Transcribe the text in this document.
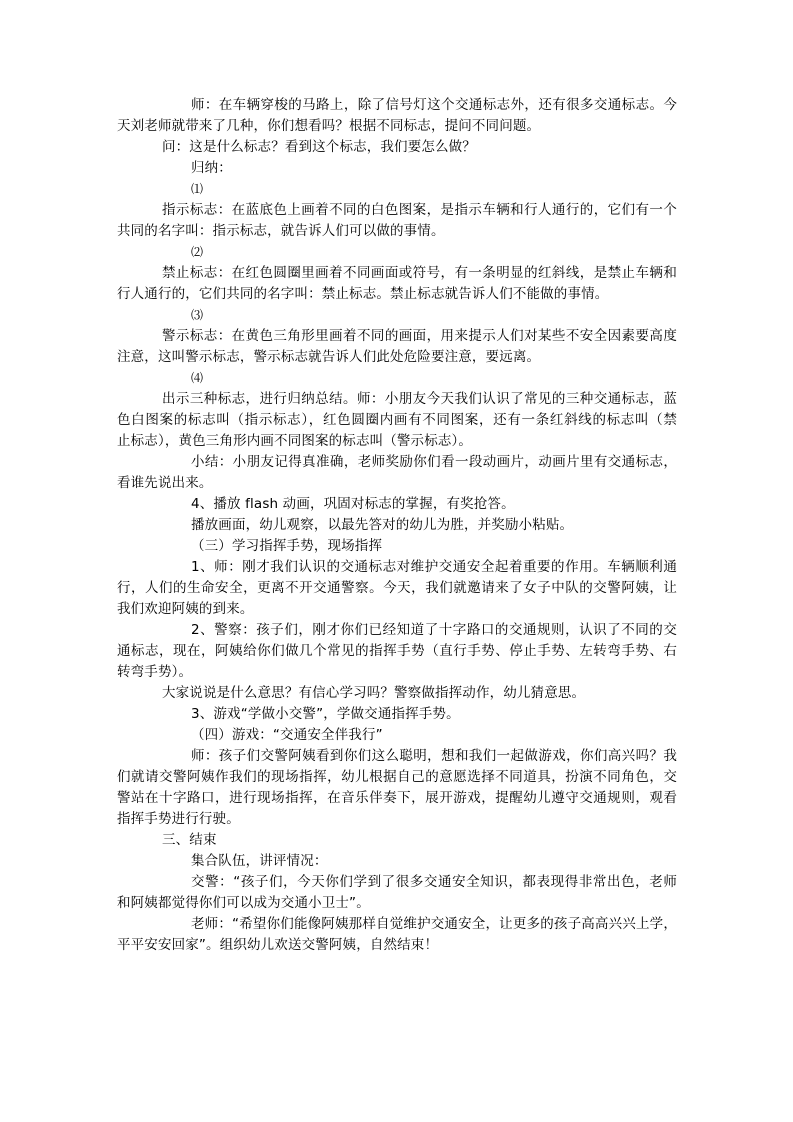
师：在车辆穿梭的马路上，除了信号灯这个交通标志外，还有很多交通标志。今
天刘老师就带来了几种，你们想看吗？根据不同标志，提问不同问题。
问：这是什么标志？看到这个标志，我们要怎么做？
归纳：
⑴
指示标志：在蓝底色上画着不同的白色图案，是指示车辆和行人通行的，它们有一个
共同的名字叫：指示标志，就告诉人们可以做的事情。
⑵
禁止标志：在红色圆圈里画着不同画面或符号，有一条明显的红斜线，是禁止车辆和
行人通行的，它们共同的名字叫：禁止标志。禁止标志就告诉人们不能做的事情。
⑶
警示标志：在黄色三角形里画着不同的画面，用来提示人们对某些不安全因素要高度
注意，这叫警示标志，警示标志就告诉人们此处危险要注意，要远离。
⑷
出示三种标志，进行归纳总结。师：小朋友今天我们认识了常见的三种交通标志，蓝
色白图案的标志叫（指示标志），红色圆圈内画有不同图案，还有一条红斜线的标志叫（禁
止标志），黄色三角形内画不同图案的标志叫（警示标志）。
小结：小朋友记得真准确，老师奖励你们看一段动画片，动画片里有交通标志，
看谁先说出来。
4、播放 flash 动画，巩固对标志的掌握，有奖抢答。
播放画面，幼儿观察，以最先答对的幼儿为胜，并奖励小粘贴。
（三）学习指挥手势，现场指挥
1、师：刚才我们认识的交通标志对维护交通安全起着重要的作用。车辆顺利通
行，人们的生命安全，更离不开交通警察。今天，我们就邀请来了女子中队的交警阿姨，让
我们欢迎阿姨的到来。
2、警察：孩子们，刚才你们已经知道了十字路口的交通规则，认识了不同的交
通标志，现在，阿姨给你们做几个常见的指挥手势（直行手势、停止手势、左转弯手势、右
转弯手势）。
大家说说是什么意思？有信心学习吗？警察做指挥动作，幼儿猜意思。
3、游戏“学做小交警”，学做交通指挥手势。
（四）游戏：“交通安全伴我行”
师：孩子们交警阿姨看到你们这么聪明，想和我们一起做游戏，你们高兴吗？我
们就请交警阿姨作我们的现场指挥，幼儿根据自己的意愿选择不同道具，扮演不同角色，交
警站在十字路口，进行现场指挥，在音乐伴奏下，展开游戏，提醒幼儿遵守交通规则，观看
指挥手势进行行驶。
三、结束
集合队伍，讲评情况：
交警：“孩子们，今天你们学到了很多交通安全知识，都表现得非常出色，老师
和阿姨都觉得你们可以成为交通小卫士”。
老师：“希望你们能像阿姨那样自觉维护交通安全，让更多的孩子高高兴兴上学，
平平安安回家”。组织幼儿欢送交警阿姨，自然结束！
